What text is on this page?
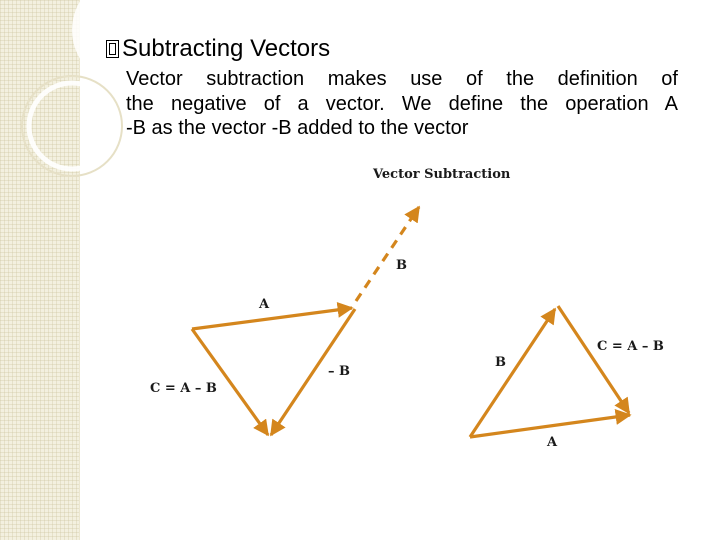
Subtracting Vectors
Vector subtraction makes use of the definition of
the negative of a vector. We define the operation A
-B as the vector -B added to the vector
Vector Subtraction
A
B
– B
C = A – B
B
C = A – B
A
